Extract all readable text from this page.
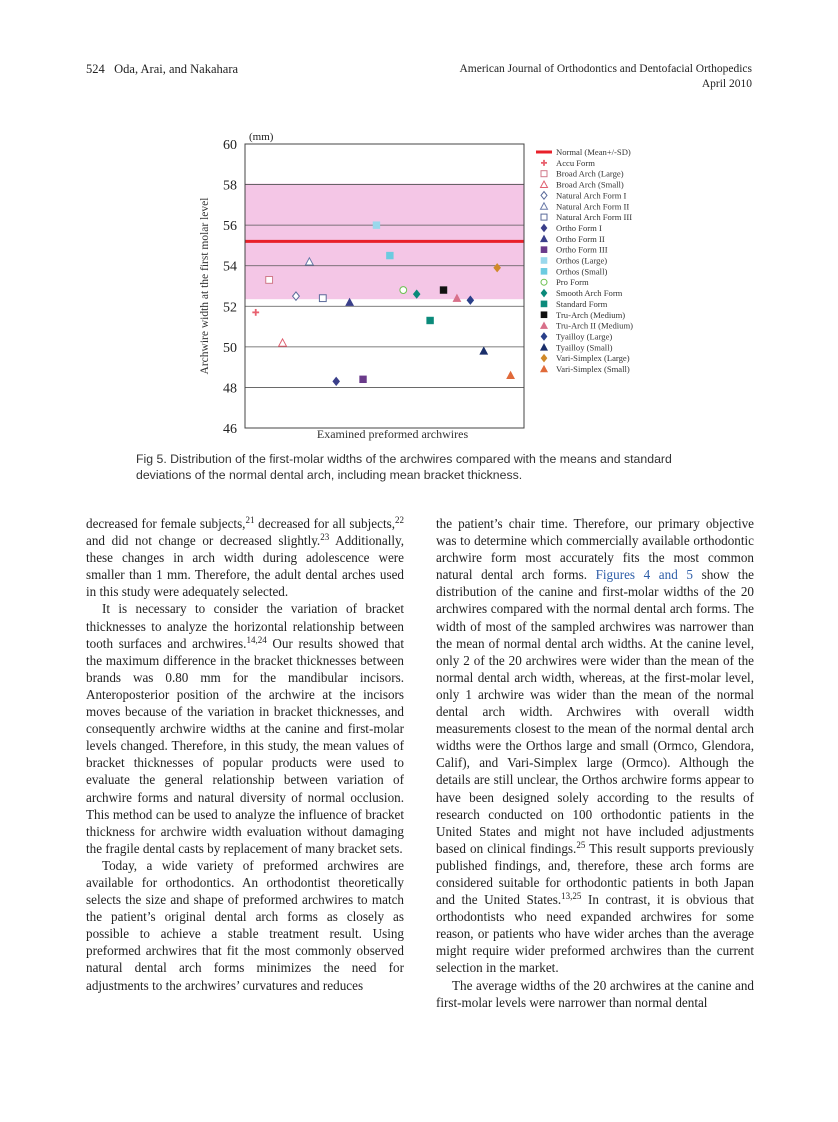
524 Oda, Arai, and Nakahara	American Journal of Orthodontics and Dentofacial Orthopedics
April 2010
46
48
50
52
54
56
58
60
(mm)
Archwire width at the first molar level
Examined preformed archwires
Normal (Mean+/-SD)
Accu Form
Broad Arch (Large)
Broad Arch (Small)
Natural Arch Form I
Natural Arch Form II
Natural Arch Form III
Ortho Form I
Ortho Form II
Ortho Form III
Orthos (Large)
Orthos (Small)
Pro Form
Smooth Arch Form
Standard Form
Tru-Arch (Medium)
Tru-Arch II (Medium)
Tyailloy (Large)
Tyailloy (Small)
Vari-Simplex (Large)
Vari-Simplex (Small)
Fig 5. Distribution of the first-molar widths of the archwires compared with the means and standard deviations of the normal dental arch, including mean bracket thickness.

decreased for female subjects,$^{21}$ decreased for all subjects,$^{22}$ and did not change or decreased slightly.$^{23}$ Additionally, these changes in arch width during adolescence were smaller than 1 mm. Therefore, the adult dental arches used in this study were adequately selected.

It is necessary to consider the variation of bracket thicknesses to analyze the horizontal relationship between tooth surfaces and archwires.$^{14,24}$ Our results showed that the maximum difference in the bracket thicknesses between brands was 0.80 mm for the mandibular incisors. Anteroposterior position of the archwire at the incisors moves because of the variation in bracket thicknesses, and consequently archwire widths at the canine and first-molar levels changed. Therefore, in this study, the mean values of bracket thicknesses of popular products were used to evaluate the general relationship between variation of archwire forms and natural diversity of normal occlusion. This method can be used to analyze the influence of bracket thickness for archwire width evaluation without damaging the fragile dental casts by replacement of many bracket sets.

Today, a wide variety of preformed archwires are available for orthodontics. An orthodontist theoretically selects the size and shape of preformed archwires to match the patient’s original dental arch forms as closely as possible to achieve a stable treatment result. Using preformed archwires that fit the most commonly observed natural dental arch forms minimizes the need for adjustments to the archwires’ curvatures and reduces

the patient’s chair time. Therefore, our primary objective was to determine which commercially available orthodontic archwire form most accurately fits the most common natural dental arch forms. Figures 4 and 5 show the distribution of the canine and first-molar widths of the 20 archwires compared with the normal dental arch forms. The width of most of the sampled archwires was narrower than the mean of normal dental arch widths. At the canine level, only 2 of the 20 archwires were wider than the mean of the normal dental arch width, whereas, at the first-molar level, only 1 archwire was wider than the mean of the normal dental arch width. Archwires with overall width measurements closest to the mean of the normal dental arch widths were the Orthos large and small (Ormco, Glendora, Calif), and Vari-Simplex large (Ormco). Although the details are still unclear, the Orthos archwire forms appear to have been designed solely according to the results of research conducted on 100 orthodontic patients in the United States and might not have included adjustments based on clinical findings.$^{25}$ This result supports previously published findings, and, therefore, these arch forms are considered suitable for orthodontic patients in both Japan and the United States.$^{13,25}$ In contrast, it is obvious that orthodontists who need expanded archwires for some reason, or patients who have wider arches than the average might require wider preformed archwires than the current selection in the market.

The average widths of the 20 archwires at the canine and first-molar levels were narrower than normal dental
